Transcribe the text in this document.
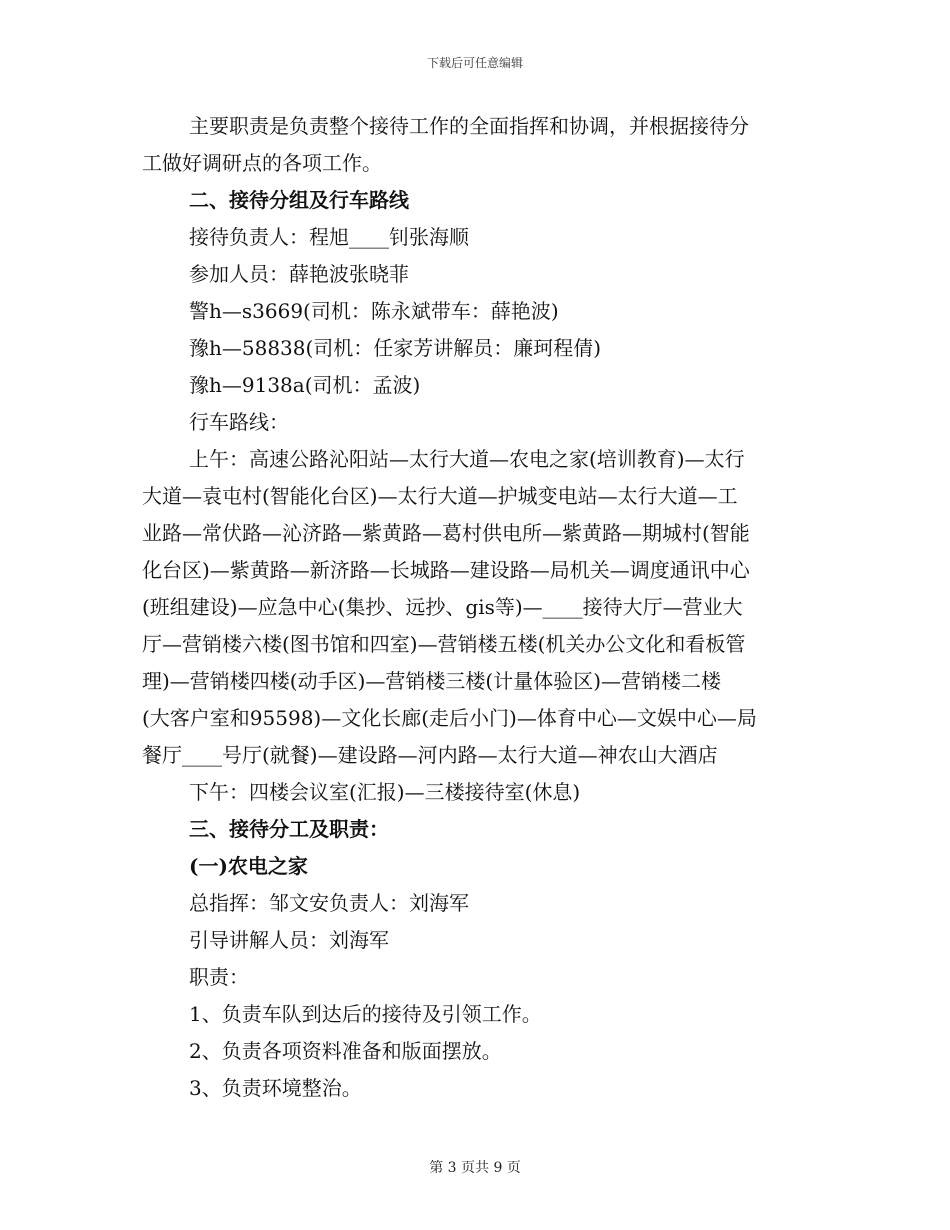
下载后可任意编辑
主要职责是负责整个接待工作的全面指挥和协调，并根据接待分
工做好调研点的各项工作。
二、接待分组及行车路线
接待负责人：程旭____钊张海顺
参加人员：薛艳波张晓菲
警h—s3669(司机：陈永斌带车：薛艳波)
豫h—58838(司机：任家芳讲解员：廉珂程倩)
豫h—9138a(司机：孟波)
行车路线：
上午：高速公路沁阳站—太行大道—农电之家(培训教育)—太行
大道—袁屯村(智能化台区)—太行大道—护城变电站—太行大道—工
业路—常伏路—沁济路—紫黄路—葛村供电所—紫黄路—期城村(智能
化台区)—紫黄路—新济路—长城路—建设路—局机关—调度通讯中心
(班组建设)—应急中心(集抄、远抄、gis等)—____接待大厅—营业大
厅—营销楼六楼(图书馆和四室)—营销楼五楼(机关办公文化和看板管
理)—营销楼四楼(动手区)—营销楼三楼(计量体验区)—营销楼二楼
(大客户室和95598)—文化长廊(走后小门)—体育中心—文娱中心—局
餐厅____号厅(就餐)—建设路—河内路—太行大道—神农山大酒店
下午：四楼会议室(汇报)—三楼接待室(休息)
三、接待分工及职责：
(一)农电之家
总指挥：邹文安负责人：刘海军
引导讲解人员：刘海军
职责：
1、负责车队到达后的接待及引领工作。
2、负责各项资料准备和版面摆放。
3、负责环境整治。
第 3 页共 9 页
